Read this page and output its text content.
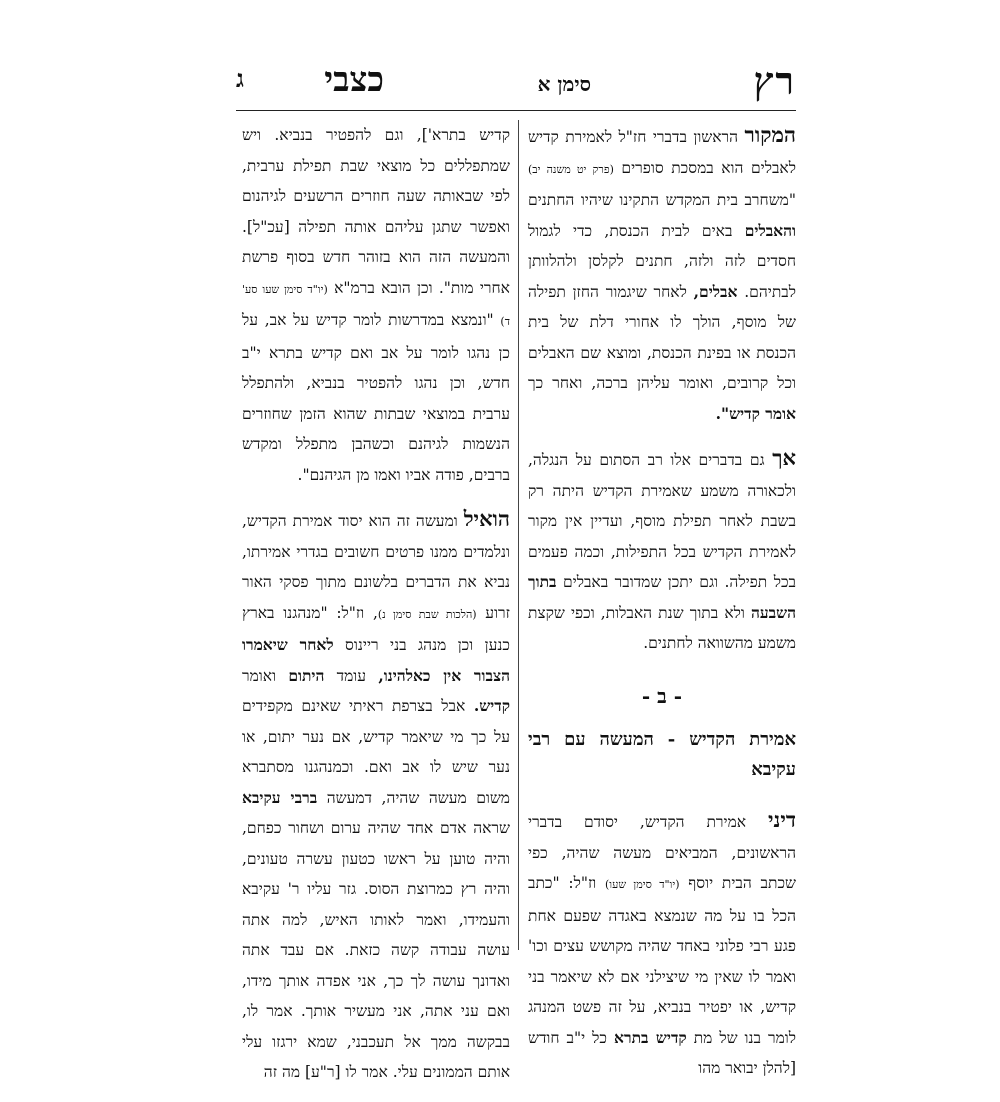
רץ
סימן א
כצבי
ג

המקור הראשון בדברי חז"ל לאמירת קדיש לאבלים הוא במסכת סופרים (פרק יט משנה יב) "משחרב בית המקדש התקינו שיהיו החתנים והאבלים באים לבית הכנסת, כדי לגמול חסדים לזה ולזה, חתנים לקלסן ולהלוותן לבתיהם. אבלים, לאחר שיגמור החזן תפילה של מוסף, הולך לו אחורי דלת של בית הכנסת או בפינת הכנסת, ומוצא שם האבלים וכל קרובים, ואומר עליהן ברכה, ואחר כך אומר קדיש".

אך גם בדברים אלו רב הסתום על הנגלה, ולכאורה משמע שאמירת הקדיש היתה רק בשבת לאחר תפילת מוסף, ועדיין אין מקור לאמירת הקדיש בכל התפילות, וכמה פעמים בכל תפילה. וגם יתכן שמדובר באבלים בתוך השבעה ולא בתוך שנת האבלות, וכפי שקצת משמע מהשוואה לחתנים.

- ב -
אמירת הקדיש - המעשה עם רבי עקיבא

דיני אמירת הקדיש, יסודם בדברי הראשונים, המביאים מעשה שהיה, כפי שכתב הבית יוסף (יו"ד סימן שעו) וז"ל: "כתב הכל בו על מה שנמצא באגדה שפעם אחת פגע רבי פלוני באחד שהיה מקושש עצים וכו' ואמר לו שאין מי שיצילני אם לא שיאמר בני קדיש, או יפטיר בנביא, על זה פשט המנהג לומר בנו של מת קדיש בתרא כל י"ב חודש [להלן יבואר מהו

קדיש בתרא'], וגם להפטיר בנביא. ויש שמתפללים כל מוצאי שבת תפילת ערבית, לפי שבאותה שעה חוזרים הרשעים לגיהנום ואפשר שתגן עליהם אותה תפילה [עכ"ל]. והמעשה הזה הוא בזוהר חדש בסוף פרשת אחרי מות". וכן הובא ברמ"א (יו"ד סימן שעו סע' ד) "ונמצא במדרשות לומר קדיש על אב, על כן נהגו לומר על אב ואם קדיש בתרא י"ב חדש, וכן נהגו להפטיר בנביא, ולהתפלל ערבית במוצאי שבתות שהוא הזמן שחוזרים הנשמות לגיהנם וכשהבן מתפלל ומקדש ברבים, פודה אביו ואמו מן הגיהנם".

הואיל ומעשה זה הוא יסוד אמירת הקדיש, ונלמדים ממנו פרטים חשובים בגדרי אמירתו, נביא את הדברים בלשונם מתוך פסקי האור זרוע (הלכות שבת סימן נ), וז"ל: "מנהגנו בארץ כנען וכן מנהג בני ריינוס לאחר שיאמרו הצבור אין כאלהינו, עומד היתום ואומר קדיש. אבל בצרפת ראיתי שאינם מקפידים על כך מי שיאמר קדיש, אם נער יתום, או נער שיש לו אב ואם. וכמנהגנו מסתברא משום מעשה שהיה, דמעשה ברבי עקיבא שראה אדם אחד שהיה ערום ושחור כפחם, והיה טוען על ראשו כטעון עשרה טעונים, והיה רץ כמרוצת הסוס. גזר עליו ר' עקיבא והעמידו, ואמר לאותו האיש, למה אתה עושה עבודה קשה כזאת. אם עבד אתה ואדונך עושה לך כך, אני אפדה אותך מידו, ואם עני אתה, אני מעשיר אותך. אמר לו, בבקשה ממך אל תעכבני, שמא ירגזו עלי אותם הממונים עלי. אמר לו [ר"ע] מה זה
